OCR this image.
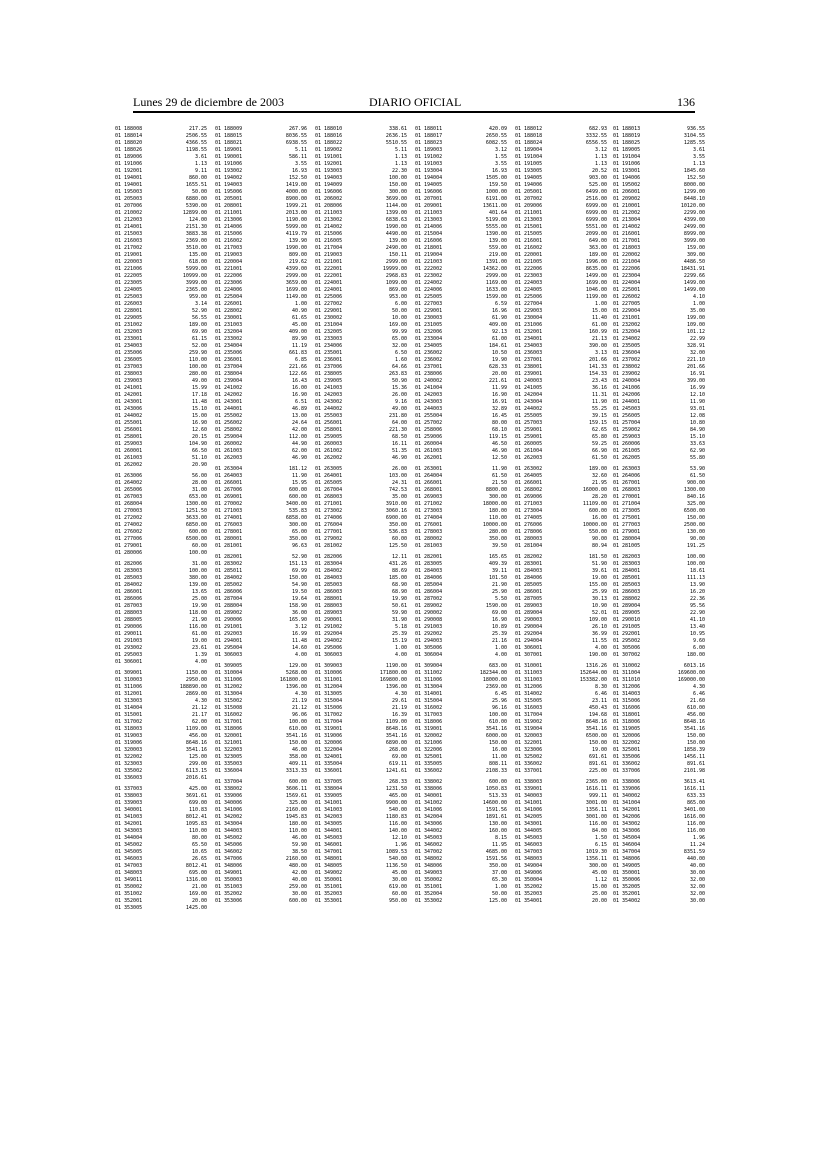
Lunes 29 de diciembre de 2003	DIARIO OFICIAL	136
01 188008	217.25
01 188014	2506.55
01 188020	4366.55
01 188026	1198.55
01 189006	3.61
01 191006	1.13
01 192001	9.11
01 194001	860.00
01 194001	1655.51
01 195003	50.00
01 205003	6880.00
01 207006	5390.00
01 210002	12899.00
01 212003	124.00
01 214001	2151.30
01 215003	3883.38
01 216003	2369.00
01 217002	3510.00
01 219001	135.00
01 220003	618.00
01 221006	5999.00
01 222005	10999.00
01 223005	3999.00
01 224005	2365.00
01 225003	959.00
01 226003	3.14
01 228001	52.90
01 229005	56.55
01 231002	189.00
01 232003	69.90
01 233001	61.15
01 234003	52.00
01 235006	259.90
01 236005	110.00
01 237003	100.00
01 238003	280.00
01 239003	49.00
01 241001	15.99
01 242001	17.18
01 243001	11.48
01 243006	15.10
01 244002	15.00
01 255001	16.90
01 256001	12.60
01 258001	20.15
01 259003	104.90
01 260001	66.50
01 261003	51.10
01 262002	20.90
01 263006	56.00
01 264002	28.00
01 265006	31.00
01 267003	653.00
01 268004	1300.00
01 270003	1251.50
01 272002	3633.00
01 274002	6850.00
01 276002	600.00
01 277006	6500.00
01 279001	60.00
01 280006	100.00
01 282006	31.00
01 283003	100.00
01 285003	380.00
01 284002	139.00
01 286001	13.65
01 286006	25.00
01 287003	19.90
01 288003	118.00
01 288005	21.90
01 290006	116.00
01 290011	61.00
01 291003	19.00
01 293002	23.61
01 295003	1.39
01 306001	4.00
01 309001	1150.00
01 310003	2950.00
01 311006	188890.00
01 312001	2869.00
01 313003	4.30
01 314004	21.12
01 315001	21.17
01 317002	62.00
01 318003	1109.00
01 319003	456.00
01 319006	8648.16
01 320003	3541.16
01 322002	125.00
01 323003	299.00
01 335002	6113.15
01 336003	2016.61
01 337003	425.00
01 338003	3691.61
01 339003	699.00
01 340001	110.83
01 341003	8012.41
01 342001	1095.83
01 343003	110.00
01 344004	80.00
01 345002	65.50
01 345005	10.65
01 346003	26.65
01 347003	8012.41
01 348003	695.00
01 349011	1316.00
01 350002	21.00
01 351002	169.00
01 352001	20.00
01 353005	1425.00
01 188009	267.96
01 188015	8036.55
01 188021	6938.55
01 189001	5.11
01 190001	586.11
01 191006	3.55
01 193002	16.93
01 194002	152.50
01 194003	1419.00
01 195006	4000.00
01 205001	8900.00
01 208001	1999.21
01 211001	2013.00
01 213006	1190.00
01 214006	5999.00
01 215006	4119.79
01 216002	139.90
01 217003	1990.00
01 219003	809.00
01 220004	219.62
01 221001	4399.00
01 222006	2999.00
01 223006	3659.00
01 224006	1699.00
01 225004	1149.00
01 226001	1.00
01 228002	40.90
01 230001	61.65
01 231003	45.00
01 232004	409.00
01 233002	89.90
01 234004	11.19
01 235006	661.83
01 236001	6.85
01 237004	221.66
01 238004	122.66
01 239004	16.43
01 241002	16.00
01 242002	16.90
01 243001	6.51
01 244001	46.89
01 255002	13.00
01 256002	24.64
01 258002	42.00
01 259004	112.00
01 260002	44.90
01 261003	62.00
01 262003	46.90
01 263004	181.12
01 264003	11.90
01 266001	15.95
01 267006	600.00
01 269001	600.00
01 270002	3400.00
01 271003	535.83
01 274001	6858.00
01 276003	300.00
01 278001	65.00
01 280001	350.00
01 281001	96.63
01 282001	52.90
01 283002	151.13
01 285011	69.99
01 284002	150.00
01 285002	54.90
01 286006	19.50
01 287004	19.64
01 288004	158.90
01 289002	36.00
01 290006	165.90
01 291001	3.12
01 292003	16.99
01 294001	11.48
01 295004	14.60
01 306003	4.00
01 309005	129.00
01 310004	5268.00
01 311006	161800.00
01 312002	1396.00
01 313004	4.30
01 315002	21.19
01 315008	21.12
01 316002	96.06
01 317001	100.00
01 318006	610.00
01 320001	3541.16
01 321001	150.00
01 322003	46.00
01 323005	358.00
01 335003	409.11
01 336004	3313.33
01 337004	600.00
01 338002	3606.11
01 339006	1569.61
01 340006	325.00
01 341006	2160.00
01 342002	1945.83
01 343004	180.00
01 344003	110.00
01 345002	46.00
01 345006	59.90
01 346002	38.50
01 347006	2160.00
01 348006	480.00
01 349001	42.00
01 350003	40.00
01 351003	259.00
01 352002	30.00
01 353006	600.00
01 188010	338.61
01 188016	2636.15
01 188022	5510.55
01 189002	5.11
01 191001	1.13
01 192001	1.13
01 193003	22.30
01 194003	100.00
01 194009	150.00
01 196006	300.00
01 206002	3699.00
01 208006	1144.00
01 211003	1399.00
01 213002	6838.63
01 214002	1990.00
01 215006	4490.00
01 216005	139.00
01 217004	2490.00
01 219003	150.11
01 221001	2999.00
01 222001	19999.00
01 222001	2968.83
01 224001	1099.00
01 224001	869.00
01 225006	953.00
01 227002	6.00
01 229001	50.00
01 230002	10.00
01 231004	169.00
01 232005	99.99
01 233003	65.00
01 234006	32.00
01 235001	6.50
01 236001	1.60
01 237006	64.66
01 238005	263.83
01 239005	50.90
01 241003	15.36
01 242003	26.00
01 243002	9.16
01 244002	49.00
01 255003	231.80
01 256001	64.00
01 258001	221.30
01 259005	68.50
01 260003	16.11
01 261002	51.35
01 262002	46.90
01 263005	26.00
01 264001	103.00
01 265005	24.31
01 267004	742.53
01 268003	35.00
01 271001	3910.00
01 273002	3060.16
01 274006	6900.00
01 276004	350.00
01 277001	536.83
01 279002	60.00
01 281002	125.50
01 282006	12.11
01 283004	431.26
01 284002	88.69
01 284003	185.00
01 285003	68.90
01 286003	68.90
01 288001	19.90
01 288003	50.61
01 289003	59.90
01 290001	31.90
01 291002	5.18
01 292004	25.39
01 294002	15.19
01 295006	1.00
01 306003	4.00
01 309003	1190.00
01 310006	171800.00
01 311001	169800.00
01 312004	1396.00
01 313005	4.30
01 315004	29.61
01 315006	21.19
01 317002	16.39
01 317004	1109.00
01 319001	8648.16
01 319006	3541.16
01 320006	6890.00
01 322004	268.00
01 324001	69.00
01 335004	619.11
01 336001	1241.61
01 337005	268.33
01 338004	1231.50
01 339005	465.00
01 341001	9900.00
01 341003	540.00
01 342003	1180.83
01 343005	116.00
01 344001	140.00
01 345003	12.10
01 346001	1.96
01 347001	1089.53
01 348001	540.00
01 348005	1136.50
01 349002	45.00
01 350001	30.00
01 351001	619.00
01 352003	60.00
01 353001	950.00
01 188011	420.09
01 188017	2650.55
01 188023	6082.55
01 189003	3.12
01 191002	1.55
01 191003	3.55
01 193004	16.93
01 194004	1505.00
01 194005	159.50
01 196006	1000.00
01 207001	6191.00
01 209001	13611.00
01 211003	401.64
01 213003	5199.00
01 214006	5555.00
01 215004	1390.00
01 216006	139.00
01 218001	559.00
01 219004	219.00
01 221003	1391.00
01 222002	14362.00
01 223002	2999.00
01 224002	1169.00
01 224006	1633.00
01 225005	1599.00
01 227003	6.59
01 229001	16.96
01 230003	61.90
01 231005	409.00
01 232006	92.13
01 233004	61.00
01 234005	184.61
01 236002	10.50
01 236002	19.90
01 237001	628.33
01 238006	20.00
01 240002	221.61
01 241004	11.99
01 242003	16.90
01 243003	16.91
01 244003	32.89
01 255004	16.45
01 257002	80.00
01 258006	68.10
01 259006	119.15
01 260004	46.50
01 261003	46.90
01 262001	12.50
01 263001	11.90
01 264004	61.50
01 266001	21.50
01 268001	8800.00
01 269003	300.00
01 271002	18000.00
01 273003	180.00
01 274004	110.00
01 276001	10000.00
01 278003	280.00
01 280002	350.00
01 281003	39.50
01 282001	165.65
01 283005	409.39
01 284003	39.11
01 284006	101.50
01 285004	21.90
01 286004	25.90
01 287002	5.50
01 289002	1590.00
01 290002	69.00
01 290008	16.90
01 291003	10.89
01 292002	25.39
01 294003	21.16
01 305006	1.00
01 306004	4.00
01 309004	683.00
01 311002	182344.00
01 311006	18000.00
01 313004	2369.00
01 314001	6.45
01 315004	25.96
01 316002	96.16
01 317003	100.00
01 318006	610.00
01 319001	3541.16
01 320002	6000.00
01 321006	150.00
01 322006	16.00
01 325001	11.00
01 335005	808.11
01 336002	2108.33
01 338002	600.00
01 338006	1050.83
01 340001	513.33
01 341002	14600.00
01 341006	1591.56
01 342004	1891.61
01 343006	130.00
01 344002	160.00
01 345003	8.15
01 346002	11.95
01 347002	4685.00
01 348002	1591.56
01 348006	350.00
01 349003	37.00
01 350002	65.30
01 351001	1.00
01 352004	50.00
01 353002	125.00
01 188012	682.93
01 188018	3332.55
01 188024	6556.55
01 189004	3.12
01 191004	1.13
01 191005	1.13
01 193005	20.52
01 194005	903.00
01 194006	525.00
01 205001	6499.00
01 207002	2516.00
01 209006	6999.00
01 211001	6999.00
01 213003	6999.00
01 215001	5551.00
01 215005	2099.00
01 216001	649.00
01 216002	363.00
01 220001	189.00
01 221005	1996.00
01 222006	8635.00
01 223003	1499.00
01 224003	1699.00
01 224005	1046.00
01 225006	1199.00
01 227004	1.00
01 229003	15.00
01 230004	11.40
01 231006	61.00
01 232001	160.99
01 234001	21.13
01 234003	390.00
01 236003	3.13
01 237001	201.66
01 238001	141.33
01 239001	154.33
01 240003	23.43
01 241005	36.16
01 242004	11.31
01 243004	11.90
01 244002	55.25
01 255005	39.15
01 257003	159.15
01 259001	62.65
01 259001	65.80
01 260005	59.25
01 261004	66.90
01 262003	61.50
01 263002	189.00
01 264005	32.60
01 266001	21.95
01 268002	16000.00
01 269006	28.20
01 271003	11109.00
01 273004	600.00
01 274005	16.00
01 276006	10000.00
01 278006	550.00
01 280003	90.00
01 281004	80.94
01 282002	181.50
01 283001	51.90
01 284003	39.61
01 284006	19.00
01 285005	155.00
01 286001	25.99
01 287005	30.13
01 289003	10.90
01 289004	52.01
01 290003	109.00
01 290004	26.10
01 292004	36.99
01 294004	11.55
01 306001	4.00
01 307001	190.00
01 310001	1316.26
01 311003	152644.00
01 311003	153382.00
01 312006	8.30
01 314002	6.46
01 315005	23.11
01 316003	450.43
01 317004	194.68
01 319002	8648.16
01 319004	3541.16
01 320003	6500.00
01 322001	150.00
01 323006	19.00
01 325002	691.61
01 336002	891.61
01 337001	225.00
01 338003	2365.00
01 339001	1616.11
01 340003	999.11
01 341001	3001.00
01 341006	1356.11
01 342005	3001.00
01 343001	116.00
01 344005	84.00
01 345003	1.50
01 346003	6.15
01 347003	1019.30
01 348003	1356.11
01 349004	300.00
01 349006	45.00
01 350004	1.12
01 352002	15.00
01 352003	25.00
01 354001	20.00
01 188013	936.55
01 188019	3104.55
01 188025	1285.55
01 189005	3.61
01 191004	3.55
01 191006	1.13
01 193001	1845.60
01 194006	152.50
01 195002	8000.00
01 206001	1299.00
01 209002	8448.10
01 210001	10120.00
01 212002	2299.00
01 213004	4399.00
01 214002	2499.00
01 216001	8999.00
01 217001	3999.00
01 218003	159.00
01 220002	309.00
01 221004	4486.50
01 222006	18431.91
01 223004	2299.66
01 224004	1499.00
01 225001	1499.00
01 226002	4.10
01 227005	1.00
01 229004	35.00
01 231001	199.00
01 232002	109.00
01 232004	101.12
01 234002	22.99
01 235005	328.91
01 236004	32.00
01 237002	221.10
01 238002	201.66
01 239002	16.91
01 240004	399.00
01 241006	16.99
01 242006	12.10
01 244001	11.90
01 245003	93.01
01 256005	12.08
01 257004	10.80
01 259002	84.90
01 259003	15.10
01 260006	33.63
01 261005	62.90
01 262005	55.80
01 263003	53.90
01 264006	61.50
01 267001	900.00
01 268003	1300.00
01 270001	840.16
01 271004	325.00
01 273005	6500.00
01 275001	150.00
01 277003	2500.00
01 279001	130.00
01 280004	90.00
01 281005	191.25
01 282003	100.00
01 283003	100.00
01 284001	18.61
01 285001	111.13
01 285003	13.90
01 286003	16.20
01 288002	22.36
01 289004	95.56
01 289005	22.90
01 290010	41.10
01 291005	13.40
01 292001	10.95
01 295002	9.60
01 305006	6.00
01 307002	180.00
01 310002	6013.16
01 311004	169600.00
01 311010	169000.00
01 312006	4.30
01 314003	6.46
01 315006	21.60
01 316006	610.00
01 318001	456.00
01 318006	8648.16
01 319005	3541.16
01 320006	150.00
01 322002	150.00
01 325001	1858.39
01 335006	1456.11
01 336002	891.61
01 337006	2101.98
01 338006	3613.41
01 339006	1616.11
01 340002	633.33
01 341004	865.00
01 342001	3401.00
01 342006	1616.00
01 343002	116.00
01 343006	116.00
01 345004	1.96
01 346004	11.24
01 347004	8351.59
01 348006	440.00
01 349005	40.00
01 350001	30.00
01 350006	32.00
01 352005	32.00
01 352001	32.00
01 354002	30.00
